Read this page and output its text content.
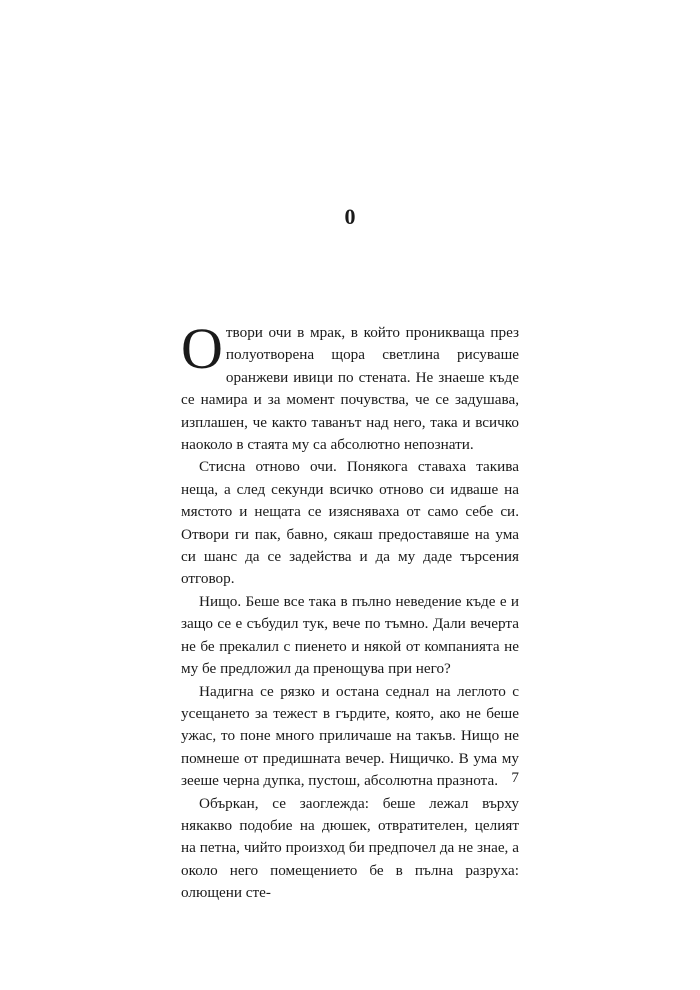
0

Отвори очи в мрак, в който проникваща през полуотворена щора светлина рисуваше оранжеви ивици по стената. Не знаеше къде се намира и за момент почувства, че се задушава, изплашен, че както таванът над него, така и всичко наоколо в стаята му са абсолютно непознати.

Стисна отново очи. Понякога ставаха такива неща, а след секунди всичко отново си идваше на мястото и нещата се изясняваха от само себе си. Отвори ги пак, бавно, сякаш предоставяше на ума си шанс да се задейства и да му даде търсения отговор.

Нищо. Беше все така в пълно неведение къде е и защо се е събудил тук, вече по тъмно. Дали вечерта не бе прекалил с пиенето и някой от компанията не му бе предложил да пренощува при него?

Надигна се рязко и остана седнал на леглото с усещането за тежест в гърдите, която, ако не беше ужас, то поне много приличаше на такъв. Нищо не помнеше от предишната вечер. Нищичко. В ума му зееше черна дупка, пустош, абсолютна празнота.

Объркан, се заоглежда: беше лежал върху някакво подобие на дюшек, отвратителен, целият на петна, чийто произход би предпочел да не знае, а около него помещението бе в пълна разруха: олющени сте-

7
